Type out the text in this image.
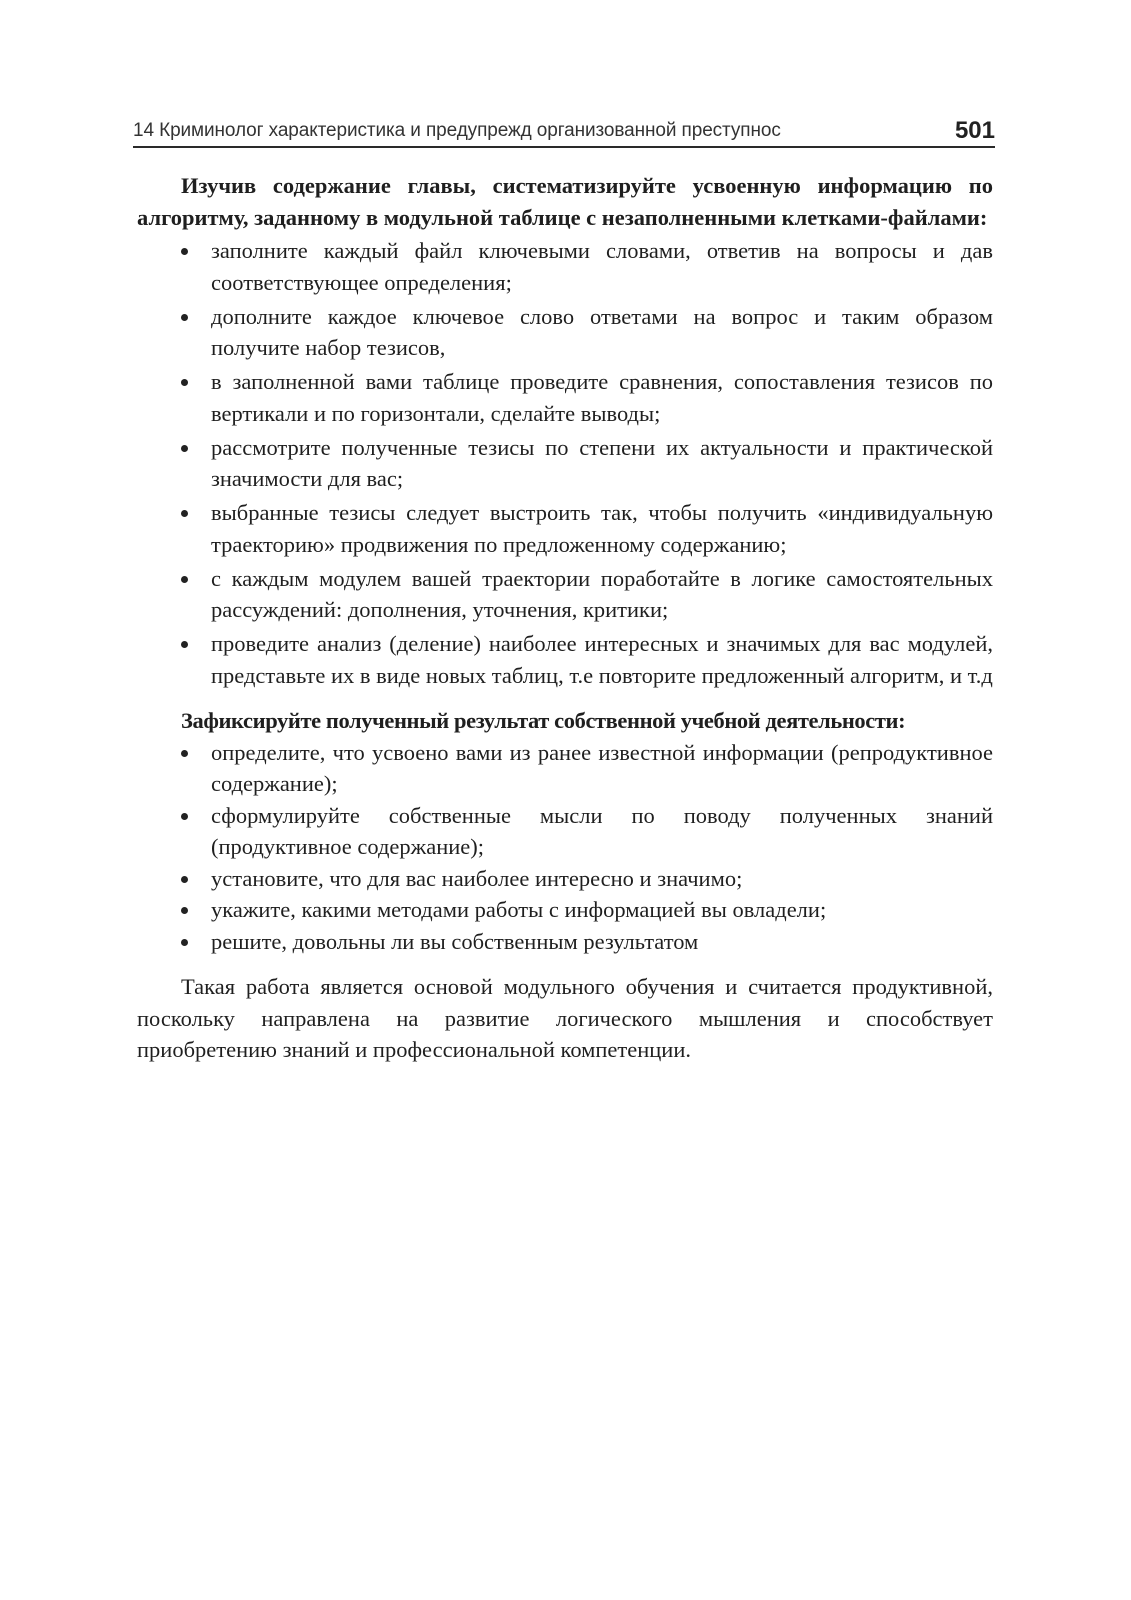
14 Криминолог характеристика и предупрежд организованной преступнос	501

Изучив содержание главы, систематизируйте усвоенную информацию по алгоритму, заданному в модульной таблице с незаполненными клетками-файлами:

заполните каждый файл ключевыми словами, ответив на вопросы и дав соответствующее определения;
дополните каждое ключевое слово ответами на вопрос и таким образом получите набор тезисов,
в заполненной вами таблице проведите сравнения, сопоставления тезисов по вертикали и по горизонтали, сделайте выводы;
рассмотрите полученные тезисы по степени их актуальности и практической значимости для вас;
выбранные тезисы следует выстроить так, чтобы получить «индивидуальную траекторию» продвижения по предложенному содержанию;
с каждым модулем вашей траектории поработайте в логике самостоятельных рассуждений: дополнения, уточнения, критики;
проведите анализ (деление) наиболее интересных и значимых для вас модулей, представьте их в виде новых таблиц, т.е повторите предложенный алгоритм, и т.д

Зафиксируйте полученный результат собственной учебной деятельности:

определите, что усвоено вами из ранее известной информации (репродуктивное содержание);
сформулируйте собственные мысли по поводу полученных знаний (продуктивное содержание);
установите, что для вас наиболее интересно и значимо;
укажите, какими методами работы с информацией вы овладели;
решите, довольны ли вы собственным результатом

Такая работа является основой модульного обучения и считается продуктивной, поскольку направлена на развитие логического мышления и способствует приобретению знаний и профессиональной компетенции.
